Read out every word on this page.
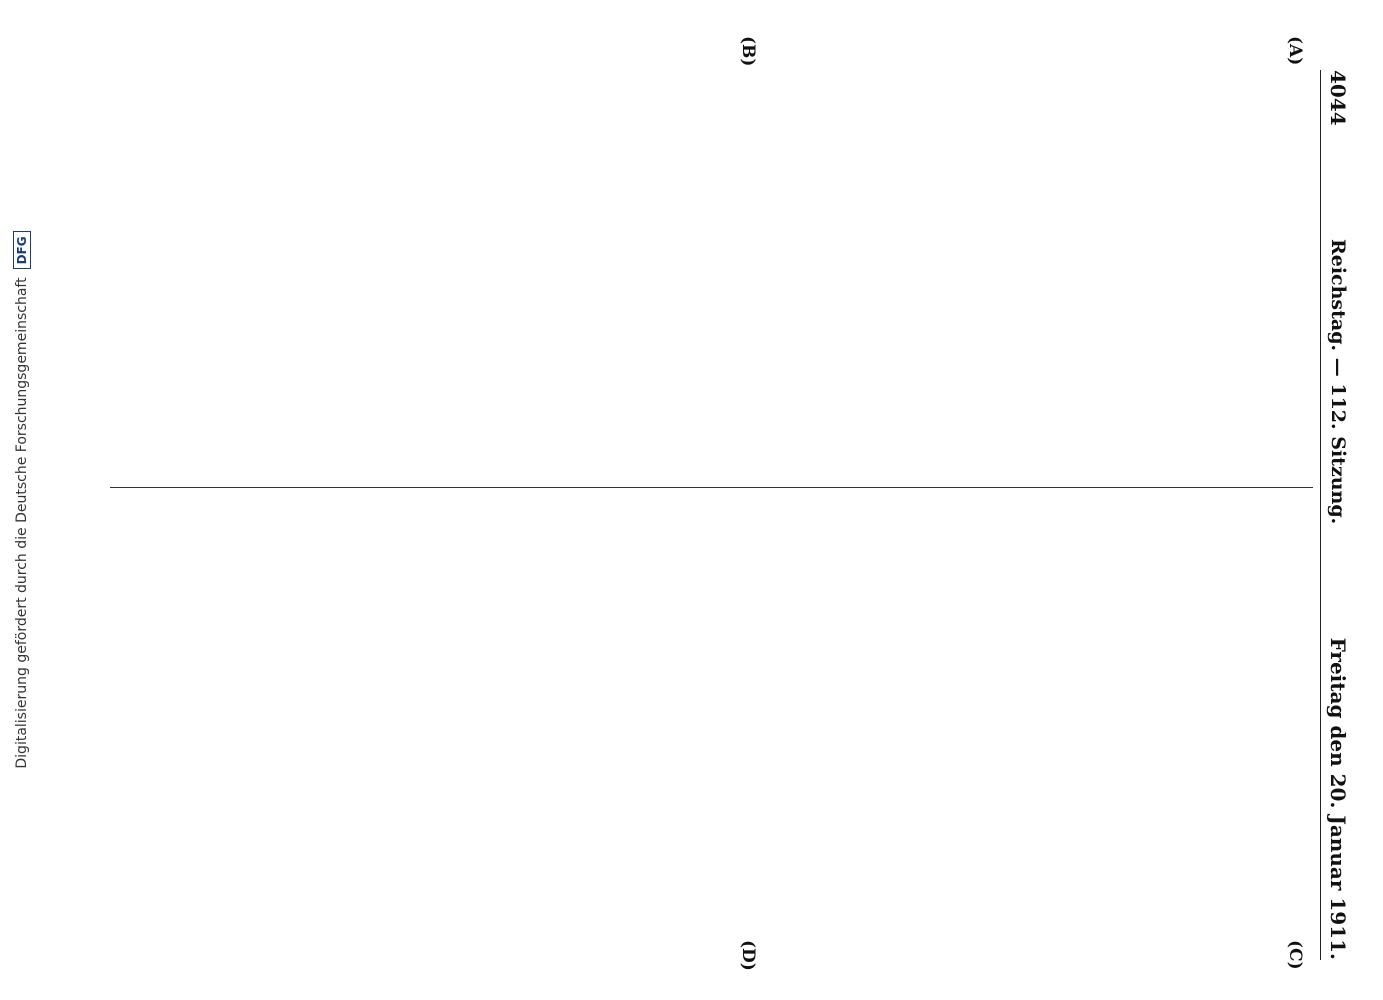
4044
Reichstag. — 112. Sitzung.
Freitag den 20. Januar 1911.
(A)
(B)
(C)
(D)
Digitalisierung gefördert durch die Deutsche Forschungsgemeinschaft
DFG
